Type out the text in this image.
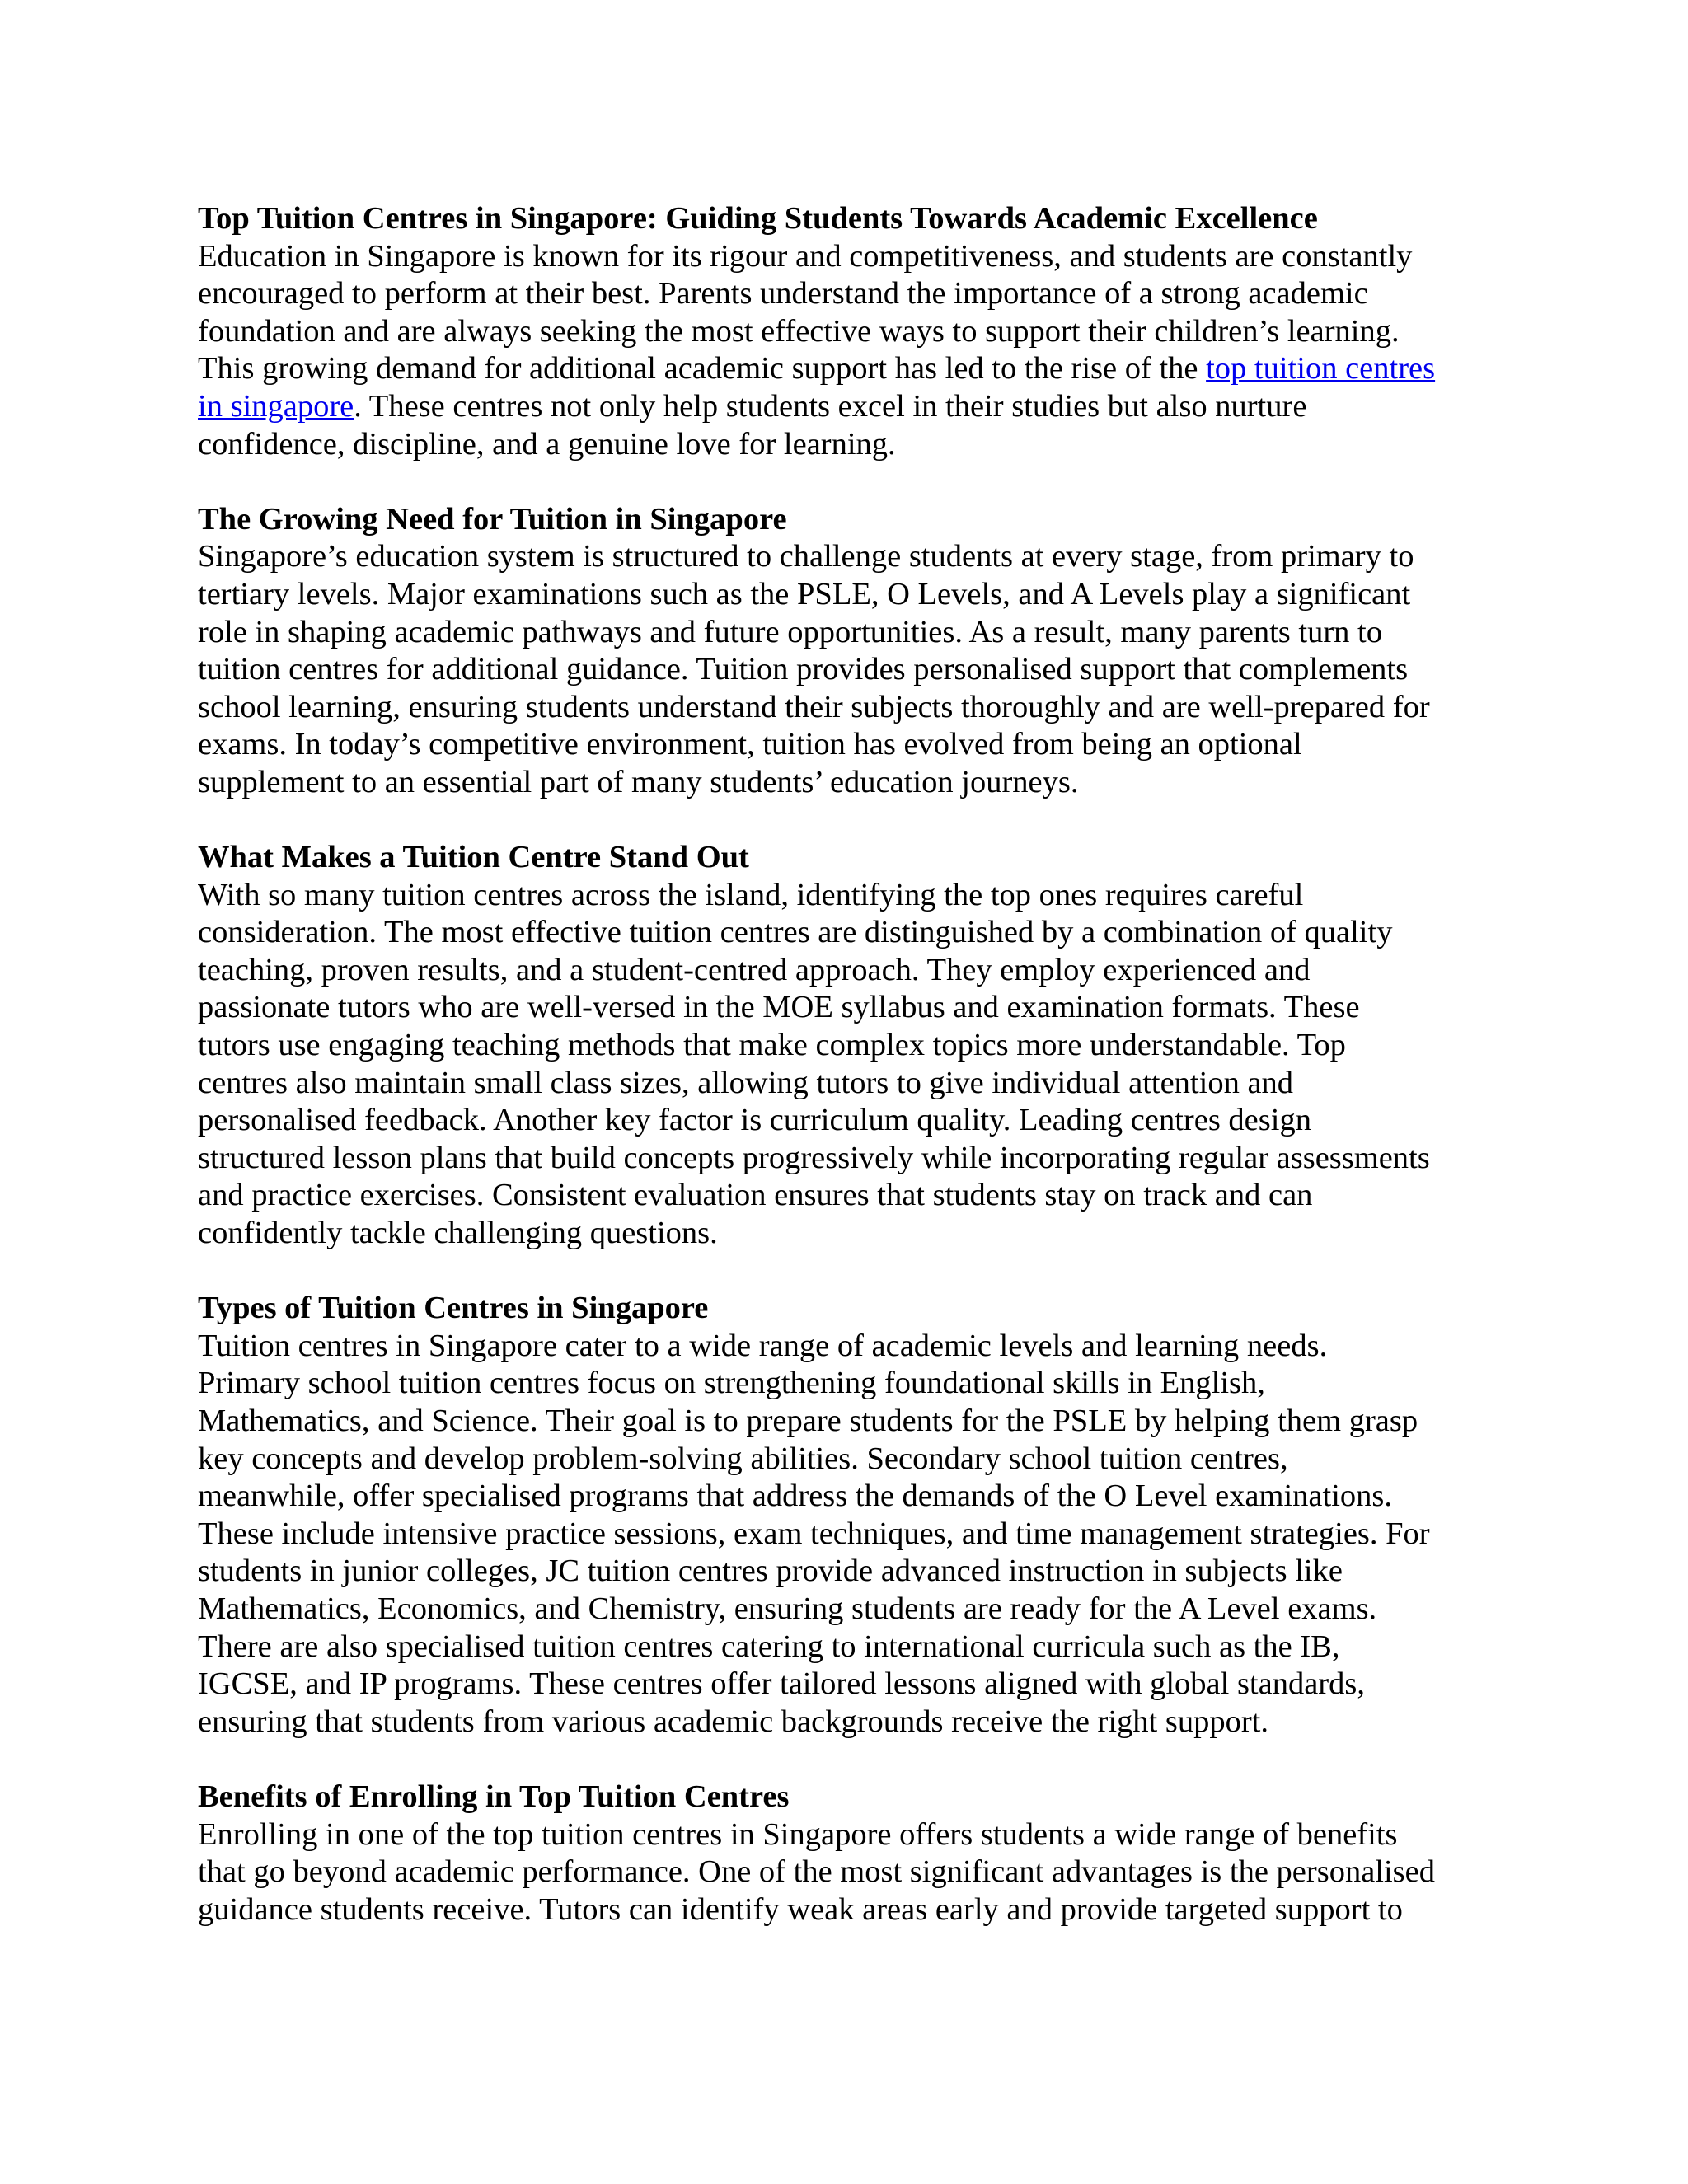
Top Tuition Centres in Singapore: Guiding Students Towards Academic Excellence

Education in Singapore is known for its rigour and competitiveness, and students are constantly
encouraged to perform at their best. Parents understand the importance of a strong academic
foundation and are always seeking the most effective ways to support their children’s learning.
This growing demand for additional academic support has led to the rise of the top tuition centres
in singapore. These centres not only help students excel in their studies but also nurture
confidence, discipline, and a genuine love for learning.

The Growing Need for Tuition in Singapore

Singapore’s education system is structured to challenge students at every stage, from primary to
tertiary levels. Major examinations such as the PSLE, O Levels, and A Levels play a significant
role in shaping academic pathways and future opportunities. As a result, many parents turn to
tuition centres for additional guidance. Tuition provides personalised support that complements
school learning, ensuring students understand their subjects thoroughly and are well-prepared for
exams. In today’s competitive environment, tuition has evolved from being an optional
supplement to an essential part of many students’ education journeys.

What Makes a Tuition Centre Stand Out

With so many tuition centres across the island, identifying the top ones requires careful
consideration. The most effective tuition centres are distinguished by a combination of quality
teaching, proven results, and a student-centred approach. They employ experienced and
passionate tutors who are well-versed in the MOE syllabus and examination formats. These
tutors use engaging teaching methods that make complex topics more understandable. Top
centres also maintain small class sizes, allowing tutors to give individual attention and
personalised feedback. Another key factor is curriculum quality. Leading centres design
structured lesson plans that build concepts progressively while incorporating regular assessments
and practice exercises. Consistent evaluation ensures that students stay on track and can
confidently tackle challenging questions.

Types of Tuition Centres in Singapore

Tuition centres in Singapore cater to a wide range of academic levels and learning needs.
Primary school tuition centres focus on strengthening foundational skills in English,
Mathematics, and Science. Their goal is to prepare students for the PSLE by helping them grasp
key concepts and develop problem-solving abilities. Secondary school tuition centres,
meanwhile, offer specialised programs that address the demands of the O Level examinations.
These include intensive practice sessions, exam techniques, and time management strategies. For
students in junior colleges, JC tuition centres provide advanced instruction in subjects like
Mathematics, Economics, and Chemistry, ensuring students are ready for the A Level exams.
There are also specialised tuition centres catering to international curricula such as the IB,
IGCSE, and IP programs. These centres offer tailored lessons aligned with global standards,
ensuring that students from various academic backgrounds receive the right support.

Benefits of Enrolling in Top Tuition Centres

Enrolling in one of the top tuition centres in Singapore offers students a wide range of benefits
that go beyond academic performance. One of the most significant advantages is the personalised
guidance students receive. Tutors can identify weak areas early and provide targeted support to
